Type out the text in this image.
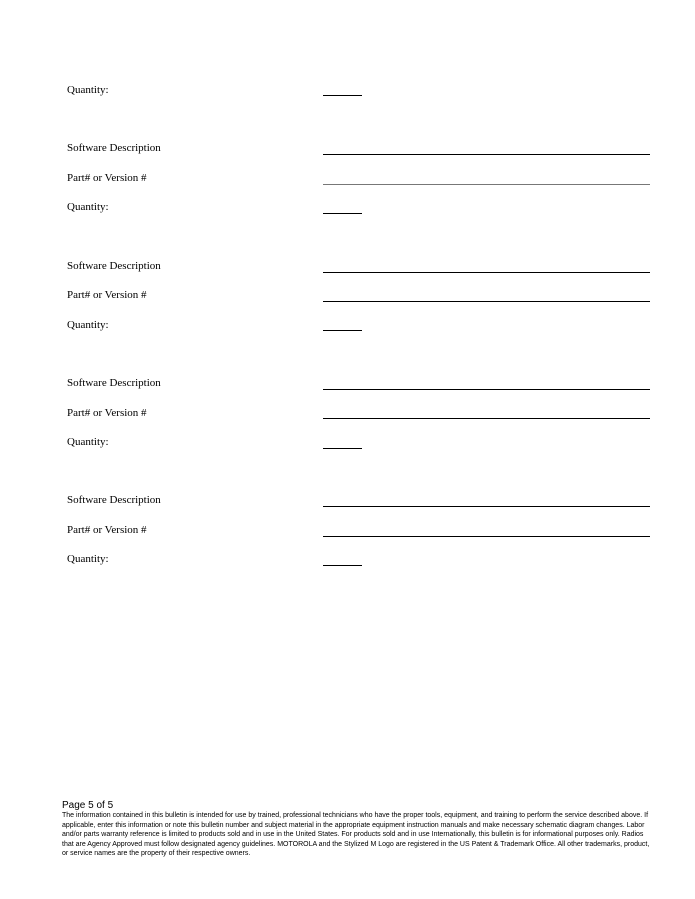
Quantity:
Software Description
Part# or Version #
Quantity:
Software Description
Part# or Version #
Quantity:
Software Description
Part# or Version #
Quantity:
Software Description
Part# or Version #
Quantity:
Page 5 of 5
The information contained in this bulletin is intended for use by trained, professional technicians who have the proper tools, equipment, and training to perform the service described above. If applicable, enter this information or note this bulletin number and subject material in the appropriate equipment instruction manuals and make necessary schematic diagram changes. Labor and/or parts warranty reference is limited to products sold and in use in the United States. For products sold and in use Internationally, this bulletin is for informational purposes only. Radios that are Agency Approved must follow designated agency guidelines. MOTOROLA and the Stylized M Logo are registered in the US Patent & Trademark Office. All other trademarks, product, or service names are the property of their respective owners.
